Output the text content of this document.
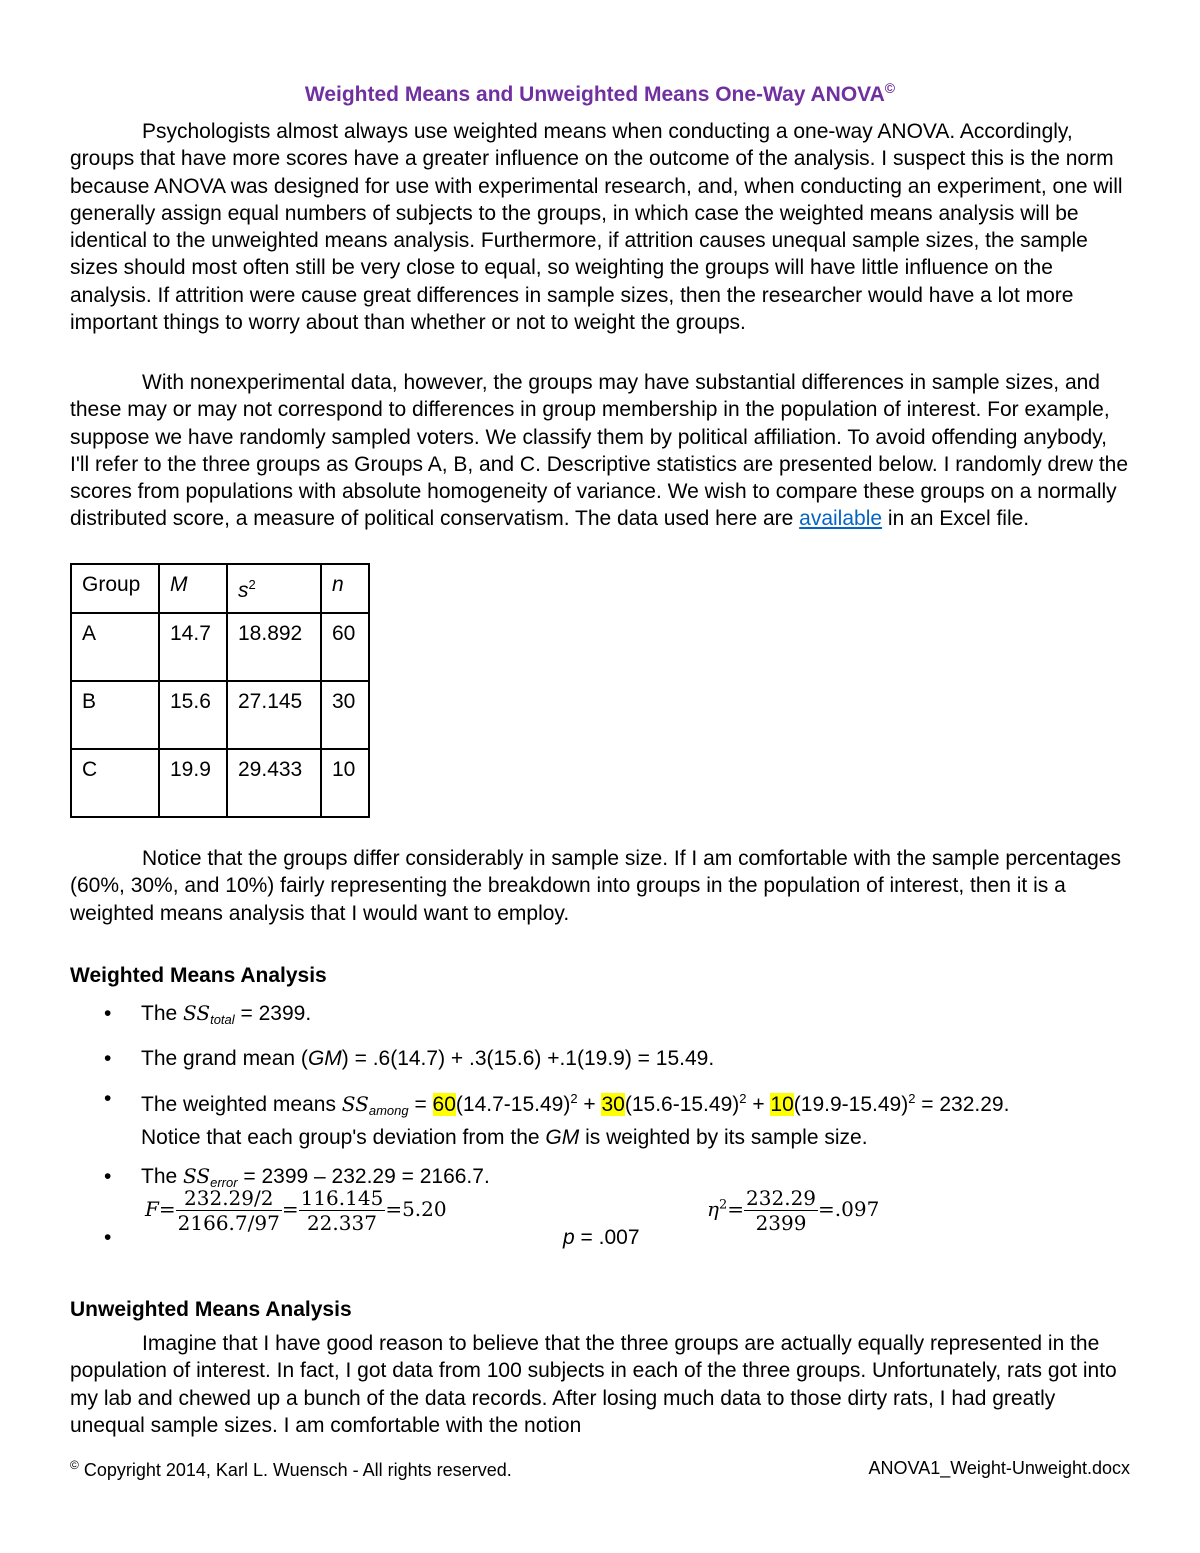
Weighted Means and Unweighted Means One-Way ANOVA©

Psychologists almost always use weighted means when conducting a one-way ANOVA. Accordingly, groups that have more scores have a greater influence on the outcome of the analysis. I suspect this is the norm because ANOVA was designed for use with experimental research, and, when conducting an experiment, one will generally assign equal numbers of subjects to the groups, in which case the weighted means analysis will be identical to the unweighted means analysis. Furthermore, if attrition causes unequal sample sizes, the sample sizes should most often still be very close to equal, so weighting the groups will have little influence on the analysis. If attrition were cause great differences in sample sizes, then the researcher would have a lot more important things to worry about than whether or not to weight the groups.

With nonexperimental data, however, the groups may have substantial differences in sample sizes, and these may or may not correspond to differences in group membership in the population of interest. For example, suppose we have randomly sampled voters. We classify them by political affiliation. To avoid offending anybody, I'll refer to the three groups as Groups A, B, and C. Descriptive statistics are presented below. I randomly drew the scores from populations with absolute homogeneity of variance. We wish to compare these groups on a normally distributed score, a measure of political conservatism. The data used here are available in an Excel file.

Group	M	$s^2$	n
A	14.7	18.892	60
B	15.6	27.145	30
C	19.9	29.433	10

Notice that the groups differ considerably in sample size. If I am comfortable with the sample percentages (60%, 30%, and 10%) fairly representing the breakdown into groups in the population of interest, then it is a weighted means analysis that I would want to employ.

Weighted Means Analysis
• The $SS_{total} = 2399$.
• The grand mean (GM) = .6(14.7) + .3(15.6) +.1(19.9) = 15.49.
• The weighted means $SS_{among} = 60(14.7-15.49)^2 + 30(15.6-15.49)^2 + 10(19.9-15.49)^2 = 232.29$.
Notice that each group's deviation from the GM is weighted by its sample size.
• The $SS_{error} = 2399 - 232.29 = 2166.7$.
•
$F= \frac{232.29/2}{2166.7/97} = \frac{116.145}{22.337} =5.20$
p = .007
$\eta^2= \frac{232.29}{2399} =.097$
Unweighted Means Analysis

Imagine that I have good reason to believe that the three groups are actually equally represented in the population of interest. In fact, I got data from 100 subjects in each of the three groups. Unfortunately, rats got into my lab and chewed up a bunch of the data records. After losing much data to those dirty rats, I had greatly unequal sample sizes. I am comfortable with the notion

© Copyright 2014, Karl L. Wuensch - All rights reserved.	ANOVA1_Weight-Unweight.docx
